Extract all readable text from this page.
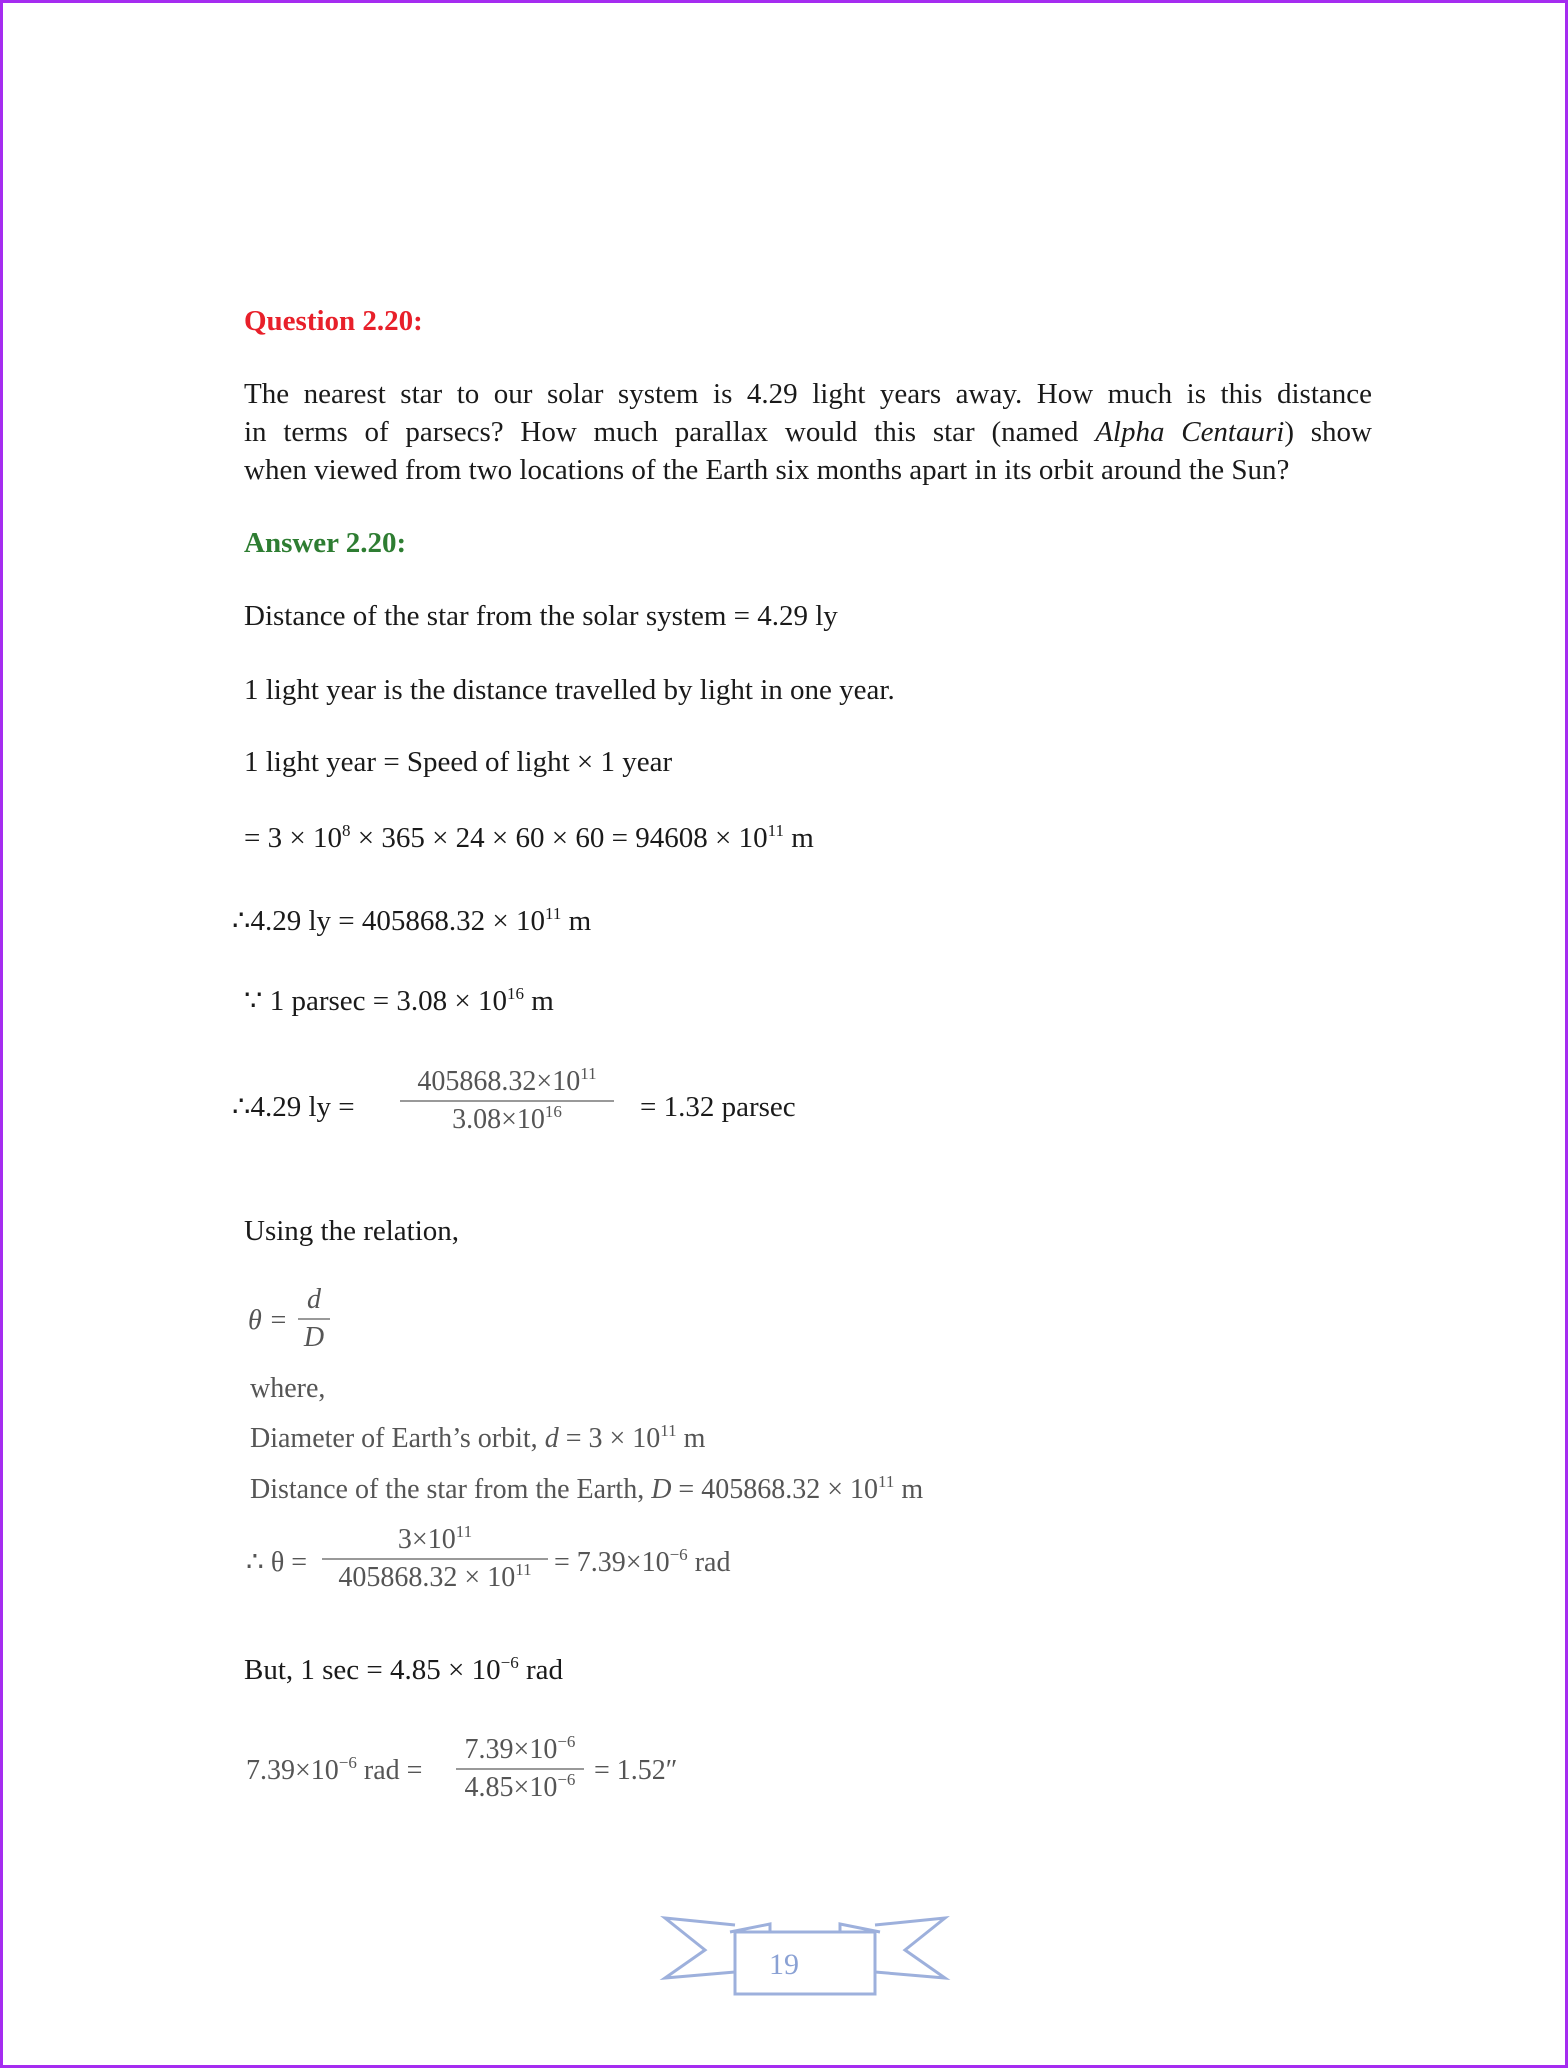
Question 2.20:
The nearest star to our solar system is 4.29 light years away. How much is this distance
in terms of parsecs? How much parallax would this star (named Alpha Centauri) show
when viewed from two locations of the Earth six months apart in its orbit around the Sun?
Answer 2.20:
Distance of the star from the solar system = 4.29 ly
1 light year is the distance travelled by light in one year.
1 light year = Speed of light × 1 year
= $3 \times 10^8 \times 365 \times 24 \times 60 \times 60 = 94608 \times 10^{11}$ m
∴4.29 ly = $405868.32 \times 10^{11}$ m
∵ 1 $parsec = 3.08 \times 10^{16}$ m
∴4.29 ly =
$405868.32\times 10^{11}$
$3.08\times 10^{16}$	= 1.32 parsec
Using the relation,
θ =
d
D
where,
Diameter of Earth’s orbit, $d = 3 \times 10^{11}$ m
Distance of the star from the Earth, $D = 405868.32 \times 10^{11}$ m
∴ θ =
$3\times 10^{11}$
$405868.32 \times 10^{11} = 7.39\times 10^{-6}$ rad
But, 1 $\sec = 4.85 \times 10^{-6}$ rad
$7.39\times 10^{-6}$ rad =
$7.39\times 10^{-6}$
$4.85\times 10^{-6} = 1.52''$
19
